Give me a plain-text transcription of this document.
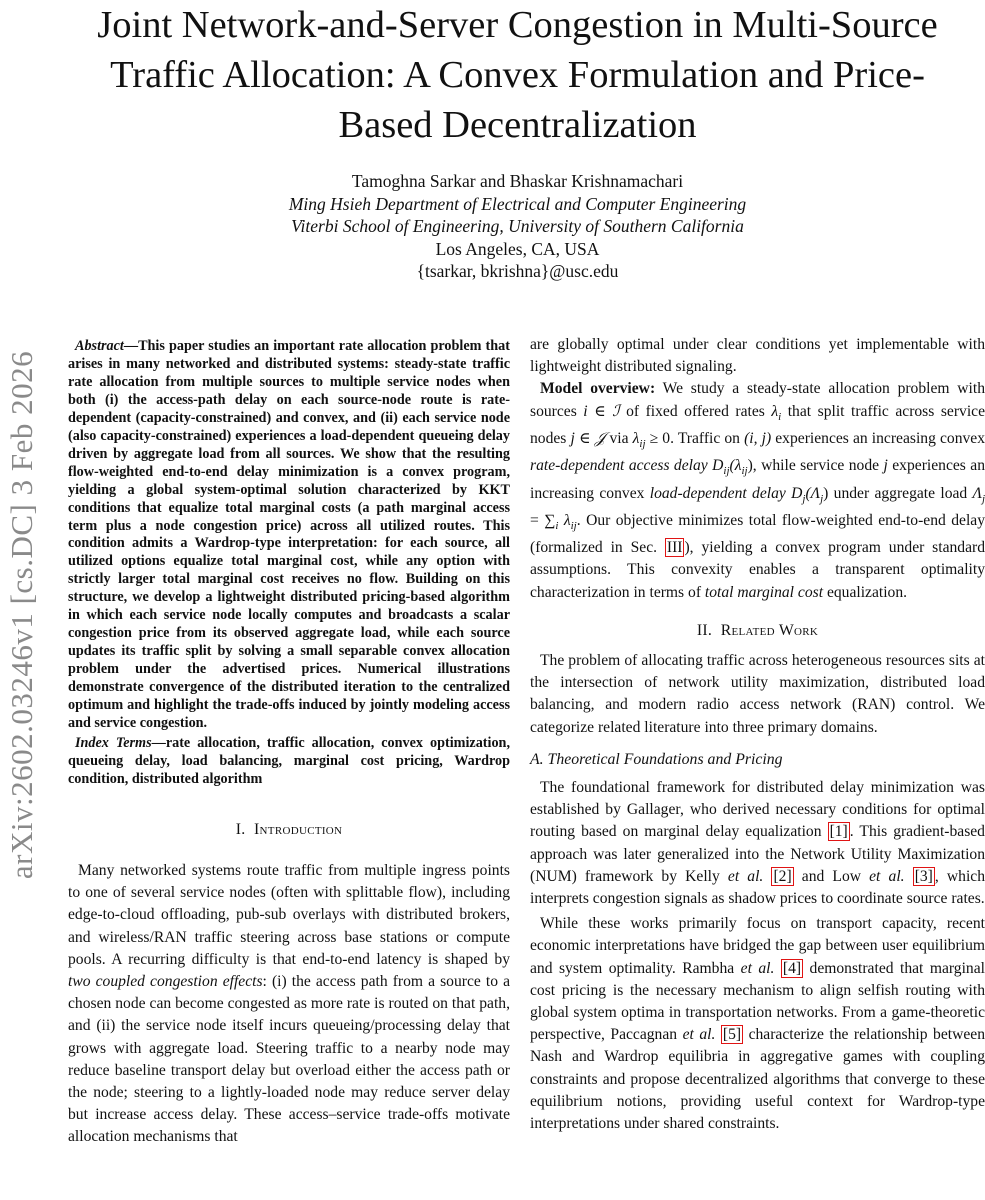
arXiv:2602.03246v1 [cs.DC] 3 Feb 2026
Joint Network-and-Server Congestion in Multi-Source Traffic Allocation: A Convex Formulation and Price-Based Decentralization
Tamoghna Sarkar and Bhaskar Krishnamachari
Ming Hsieh Department of Electrical and Computer Engineering
Viterbi School of Engineering, University of Southern California
Los Angeles, CA, USA
{tsarkar, bkrishna}@usc.edu

Abstract—This paper studies an important rate allocation problem that arises in many networked and distributed systems: steady-state traffic rate allocation from multiple sources to multiple service nodes when both (i) the access-path delay on each source-node route is rate-dependent (capacity-constrained) and convex, and (ii) each service node (also capacity-constrained) experiences a load-dependent queueing delay driven by aggregate load from all sources. We show that the resulting flow-weighted end-to-end delay minimization is a convex program, yielding a global system-optimal solution characterized by KKT conditions that equalize total marginal costs (a path marginal access term plus a node congestion price) across all utilized routes. This condition admits a Wardrop-type interpretation: for each source, all utilized options equalize total marginal cost, while any option with strictly larger total marginal cost receives no flow. Building on this structure, we develop a lightweight distributed pricing-based algorithm in which each service node locally computes and broadcasts a scalar congestion price from its observed aggregate load, while each source updates its traffic split by solving a small separable convex allocation problem under the advertised prices. Numerical illustrations demonstrate convergence of the distributed iteration to the centralized optimum and highlight the trade-offs induced by jointly modeling access and service congestion.

Index Terms—rate allocation, traffic allocation, convex optimization, queueing delay, load balancing, marginal cost pricing, Wardrop condition, distributed algorithm

I. Introduction

Many networked systems route traffic from multiple ingress points to one of several service nodes (often with splittable flow), including edge-to-cloud offloading, pub-sub overlays with distributed brokers, and wireless/RAN traffic steering across base stations or compute pools. A recurring difficulty is that end-to-end latency is shaped by two coupled congestion effects: (i) the access path from a source to a chosen node can become congested as more rate is routed on that path, and (ii) the service node itself incurs queueing/processing delay that grows with aggregate load. Steering traffic to a nearby node may reduce baseline transport delay but overload either the access path or the node; steering to a lightly-loaded node may reduce server delay but increase access delay. These access–service trade-offs motivate allocation mechanisms that

are globally optimal under clear conditions yet implementable with lightweight distributed signaling.

Model overview: We study a steady-state allocation problem with sources i ∈ ℐ of fixed offered rates $\lambda_i$ that split traffic across service nodes j ∈ 𝒥 via $\lambda_{ij} \ge 0$. Traffic on (i, j) experiences an increasing convex rate-dependent access delay $D_{ij}(\lambda_{ij})$, while service node j experiences an increasing convex load-dependent delay $D_j(\Lambda_j)$ under aggregate load $\Lambda_j = \sum_i$ $\lambda_{ij}$. Our objective minimizes total flow-weighted end-to-end delay (formalized in Sec. III ), yielding a convex program under standard assumptions. This convexity enables a transparent optimality characterization in terms of total marginal cost equalization.

II. Related Work

The problem of allocating traffic across heterogeneous resources sits at the intersection of network utility maximization, distributed load balancing, and modern radio access network (RAN) control. We categorize related literature into three primary domains.

A. Theoretical Foundations and Pricing

The foundational framework for distributed delay minimization was established by Gallager, who derived necessary conditions for optimal routing based on marginal delay equalization [1] . This gradient-based approach was later generalized into the Network Utility Maximization (NUM) framework by Kelly et al. [2] and Low et al. [3] , which interprets congestion signals as shadow prices to coordinate source rates.

While these works primarily focus on transport capacity, recent economic interpretations have bridged the gap between user equilibrium and system optimality. Rambha et al. [4] demonstrated that marginal cost pricing is the necessary mechanism to align selfish routing with global system optima in transportation networks. From a game-theoretic perspective, Paccagnan et al. [5] characterize the relationship between Nash and Wardrop equilibria in aggregative games with coupling constraints and propose decentralized algorithms that converge to these equilibrium notions, providing useful context for Wardrop-type interpretations under shared constraints.
